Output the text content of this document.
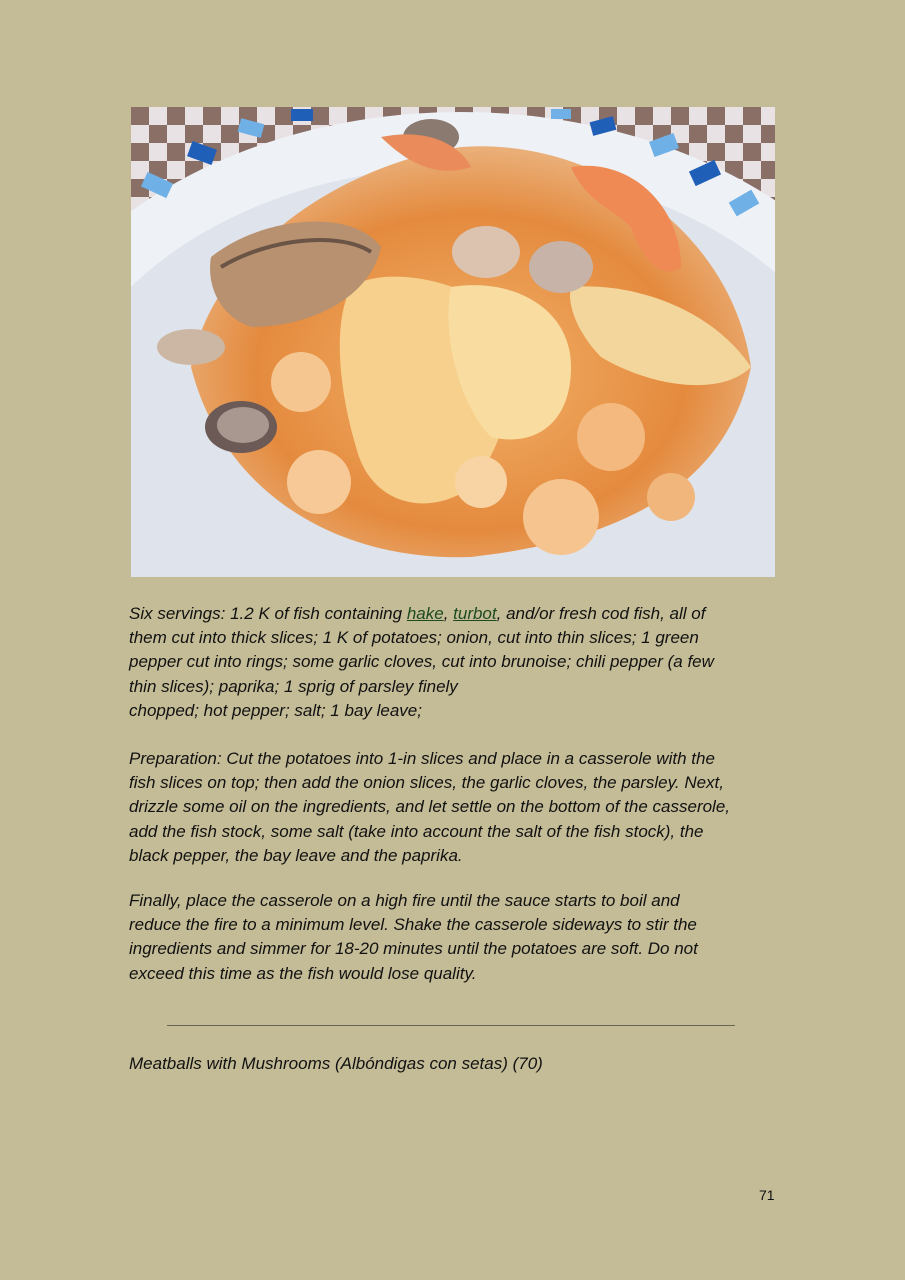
Six servings: 1.2 K of fish containing hake, turbot, and/or fresh cod fish, all of
them cut into thick slices; 1 K of potatoes; onion, cut into thin slices; 1 green
pepper cut into rings; some garlic cloves, cut into brunoise; chili pepper (a few
thin slices); paprika; 1 sprig of parsley finely
chopped; hot pepper; salt; 1 bay leave;

Preparation: Cut the potatoes into 1-in slices and place in a casserole with the
fish slices on top; then add the onion slices, the garlic cloves, the parsley. Next,
drizzle some oil on the ingredients, and let settle on the bottom of the casserole,
add the fish stock, some salt (take into account the salt of the fish stock), the
black pepper, the bay leave and the paprika.

Finally, place the casserole on a high fire until the sauce starts to boil and
reduce the fire to a minimum level. Shake the casserole sideways to stir the
ingredients and simmer for 18-20 minutes until the potatoes are soft. Do not
exceed this time as the fish would lose quality.

Meatballs with Mushrooms (Albóndigas con setas) (70)

71
